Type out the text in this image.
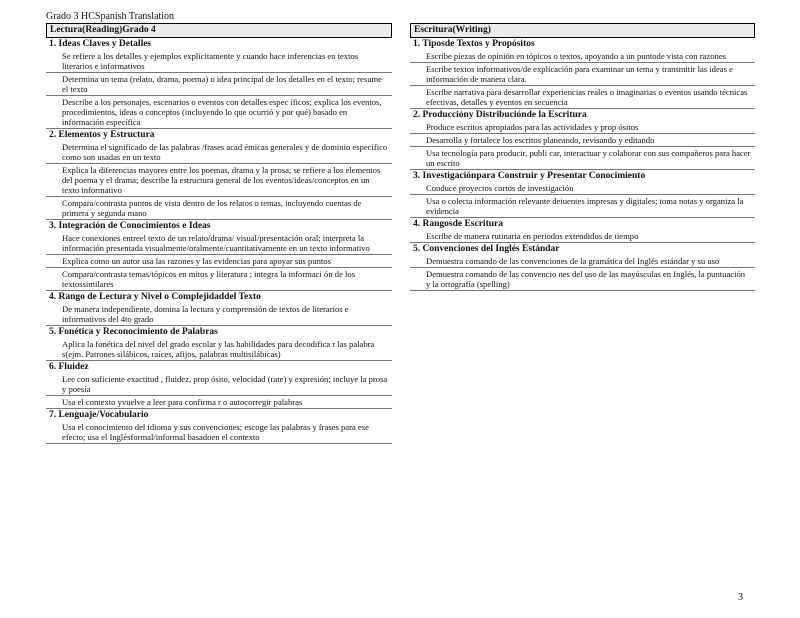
Grado 3 HCSpanish Translation
Lectura(Reading)Grado 4
1. Ideas Claves y Detalles
Se refiere a los detalles y ejemplos explícitamente y cuando hace inferencias en textos literarios e informativos
Determina un tema (relato, drama, poema) o idea principal de los detalles en el texto; resume el texto
Describe a los personajes, escenarios o eventos con detalles espec íficos; explica los eventos, procedimientos, ideas o conceptos (incluyendo lo que ocurrió y por qué) basado en información específica
2. Elementos y Estructura
Determina el significado de las palabras /frases acad émicas generales y de dominio específico como son usadas en un texto
Explica la diferencias mayores entre los poemas, drama y la prosa; se refiere a los elementos del poema y el drama; describe la estructura general de los eventos/ideas/conceptos en un texto informativo
Compara/contrasta puntos de vista dentro de los relatos o temas, incluyendo cuentas de primera y segunda mano
3. Integración de Conocimientos e Ideas
Hace conexiones entreel texto de un relato/drama/ visual/presentación oral; interpreta la información presentada visualmente/oralmente/cuantitativamente en un texto informativo
Explica como un autor usa las razones y las evidencias para apoyar sus puntos
Compara/contrasta temas/tópicos en mitos y literatura ; integra la informaci ón de los textossimilares
4. Rango de Lectura y Nivel o Complejidaddel Texto
De manera independiente, domina la lectura y comprensión de textos de literarios e informativos del 4to grado
5. Fonética y Reconocimiento de Palabras
Aplica la fonética del nivel del grado escolar y las habilidades para decodifica r las palabra s(ejm. Patrones silábicos, raíces, afijos, palabras multisilábicas)
6. Fluidez
Lee con suficiente exactitud , fluidez, prop ósito, velocidad (rate) y expresión; incluye la prosa y poesía
Usa el contexto yvuelve a leer para confirma r o autocorregir palabras
7. Lenguaje/Vocabulario
Usa el conocimiento del idioma y sus convenciones; escoge las palabras y frases para ese efecto; usa el Inglésformal/informal basadoen el contexto
Escritura(Writing)
1. Tiposde Textos y Propósitos
Escribe piezas de opinión en tópicos o textos, apoyando a un puntode vista con razones
Escribe textos informativos/de explicación para examinar un tema y transmitir las ideas e información de manera clara.
Escribe narrativa para desarrollar experiencias reales o imaginarias o eventos usando técnicas efectivas, detalles y eventos en secuencia
2. Produccióny Distribuciónde la Escritura
Produce escritos apropiados para las actividades y prop ósitos
Desarrolla y fortalece los escritos planeando, revisando y editando
Usa tecnología para producir, publi car, interactuar y colaborar con sus compañeros para hacer un escrito
3. Investigaciónpara Construir y Presentar Conocimiento
Conduce proyectos cortos de investigación
Usa o colecta información relevante deiuentes impresas y digitales; toma notas y organiza la evidencia
4. Rangosde Escritura
Escribe de manera rutinaria en periodos extendidos de tiempo
5. Convenciones del Inglés Estándar
Demuestra comando de las convenciones de la gramática del Inglés estándar y su uso
Demuestra comando de las convencio nes del uso de las mayúsculas en Inglés, la puntuación y la ortografía (spelling)
3
